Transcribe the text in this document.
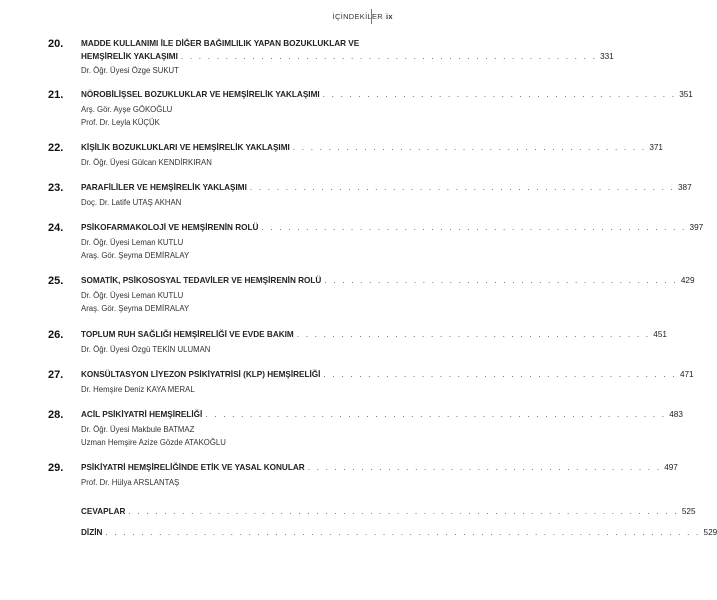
İÇİNDEKİLER ix
20.	MADDE KULLANIMI İLE DİĞER BAĞIMLILIK YAPAN BOZUKLUKLAR VE
HEMŞİRELİK YAKLAŞIMI . . . . . . . . . . . . . . . . . . . . . . . . . . . . . . . . . . . . . . . . . . . . . . . 331
Dr. Öğr. Üyesi Özge SUKUT
21.	NÖROBİLİŞSEL BOZUKLUKLAR VE HEMŞİRELİK YAKLAŞIMI . . . . . . . . . . . . . . . . . . . . . . . . . . . . . . . . . . . . . . . . 351
Arş. Gör. Ayşe GÖKOĞLU
Prof. Dr. Leyla KÜÇÜK
22.	KİŞİLİK BOZUKLUKLARI VE HEMŞİRELİK YAKLAŞIMI . . . . . . . . . . . . . . . . . . . . . . . . . . . . . . . . . . . . . . . . 371
Dr. Öğr. Üyesi Gülcan KENDİRKIRAN
23.	PARAFİLİLER VE HEMŞİRELİK YAKLAŞIMI . . . . . . . . . . . . . . . . . . . . . . . . . . . . . . . . . . . . . . . . . . . . . . . . 387
Doç. Dr. Latife UTAŞ AKHAN
24.	PSİKOFARMAKOLOJİ VE HEMŞİRENİN ROLÜ . . . . . . . . . . . . . . . . . . . . . . . . . . . . . . . . . . . . . . . . . . . . . . . . 397
Dr. Öğr. Üyesi Leman KUTLU
Araş. Gör. Şeyma DEMİRALAY
25.	SOMATİK, PSİKOSOSYAL TEDAVİLER VE HEMŞİRENİN ROLÜ . . . . . . . . . . . . . . . . . . . . . . . . . . . . . . . . . . . . . . . . 429
Dr. Öğr. Üyesi Leman KUTLU
Araş. Gör. Şeyma DEMİRALAY
26.	TOPLUM RUH SAĞLIĞI HEMŞİRELİĞİ VE EVDE BAKIM . . . . . . . . . . . . . . . . . . . . . . . . . . . . . . . . . . . . . . . . 451
Dr. Öğr. Üyesi Özgü TEKİN ULUMAN
27.	KONSÜLTASYON LİYEZON PSİKİYATRİSİ (KLP) HEMŞİRELİĞİ . . . . . . . . . . . . . . . . . . . . . . . . . . . . . . . . . . . . . . . . 471
Dr. Hemşire Deniz KAYA MERAL
28.	ACİL PSİKİYATRİ HEMŞİRELİĞİ . . . . . . . . . . . . . . . . . . . . . . . . . . . . . . . . . . . . . . . . . . . . . . . . . . . . 483
Dr. Öğr. Üyesi Makbule BATMAZ
Uzman Hemşire Azize Gözde ATAKOĞLU
29.	PSİKİYATRİ HEMŞİRELİĞİNDE ETİK VE YASAL KONULAR . . . . . . . . . . . . . . . . . . . . . . . . . . . . . . . . . . . . . . . . 497
Prof. Dr. Hülya ARSLANTAŞ
CEVAPLAR . . . . . . . . . . . . . . . . . . . . . . . . . . . . . . . . . . . . . . . . . . . . . . . . . . . . . . . . . . . . . . 525
DİZİN . . . . . . . . . . . . . . . . . . . . . . . . . . . . . . . . . . . . . . . . . . . . . . . . . . . . . . . . . . . . . . . . . . . 529
